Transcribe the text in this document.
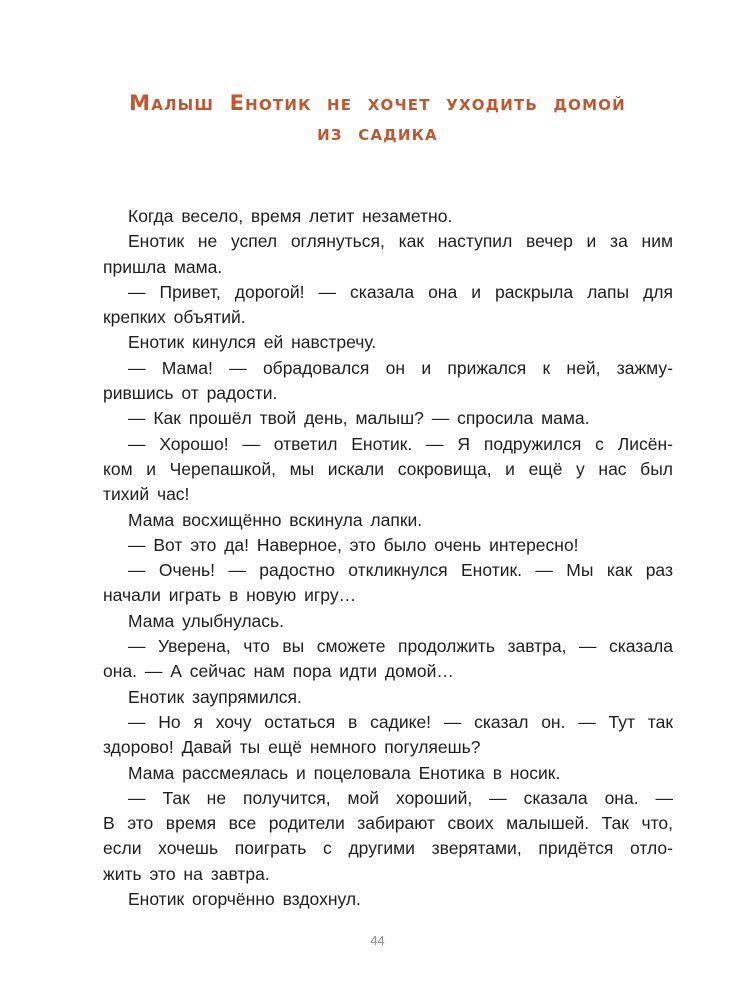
Малыш Енотик не хочет уходить домой
из садика
Когда весело, время летит незаметно.
Енотик не успел оглянуться, как наступил вечер и за ним
пришла мама.
— Привет, дорогой! — сказала она и раскрыла лапы для
крепких объятий.
Енотик кинулся ей навстречу.
— Мама! — обрадовался он и прижался к ней, зажму-
рившись от радости.
— Как прошёл твой день, малыш? — спросила мама.
— Хорошо! — ответил Енотик. — Я подружился с Лисён-
ком и Черепашкой, мы искали сокровища, и ещё у нас был
тихий час!
Мама восхищённо вскинула лапки.
— Вот это да! Наверное, это было очень интересно!
— Очень! — радостно откликнулся Енотик. — Мы как раз
начали играть в новую игру…
Мама улыбнулась.
— Уверена, что вы сможете продолжить завтра, — сказала
она. — А сейчас нам пора идти домой…
Енотик заупрямился.
— Но я хочу остаться в садике! — сказал он. — Тут так
здорово! Давай ты ещё немного погуляешь?
Мама рассмеялась и поцеловала Енотика в носик.
— Так не получится, мой хороший, — сказала она. —
В это время все родители забирают своих малышей. Так что,
если хочешь поиграть с другими зверятами, придётся отло-
жить это на завтра.
Енотик огорчённо вздохнул.
44
